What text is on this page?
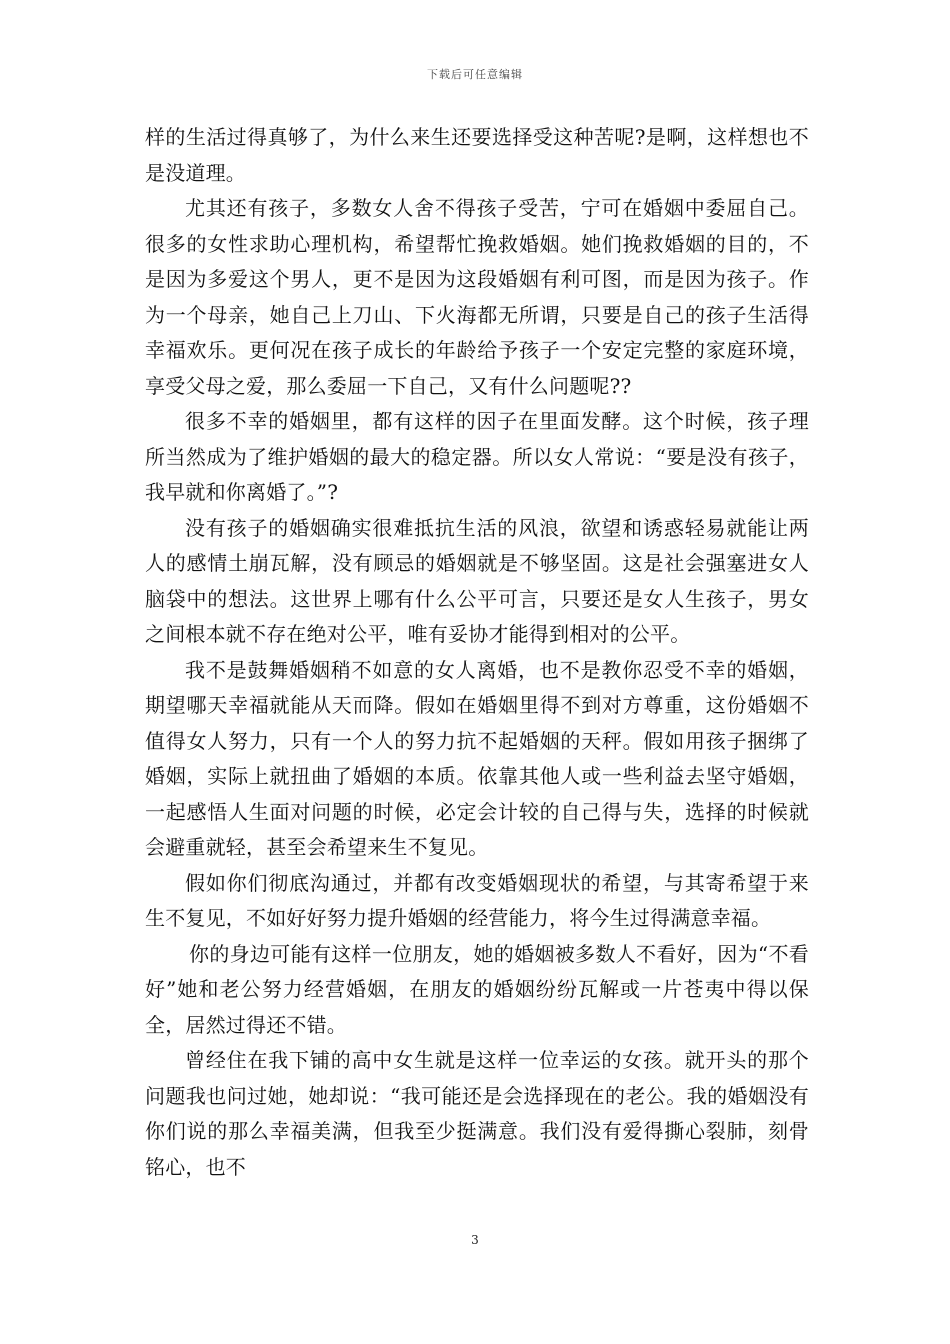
下载后可任意编辑

样的生活过得真够了，为什么来生还要选择受这种苦呢?是啊，这样想也不是没道理。

尤其还有孩子，多数女人舍不得孩子受苦，宁可在婚姻中委屈自己。很多的女性求助心理机构，希望帮忙挽救婚姻。她们挽救婚姻的目的，不是因为多爱这个男人，更不是因为这段婚姻有利可图，而是因为孩子。作为一个母亲，她自己上刀山、下火海都无所谓，只要是自己的孩子生活得幸福欢乐。更何况在孩子成长的年龄给予孩子一个安定完整的家庭环境，享受父母之爱，那么委屈一下自己，又有什么问题呢??

很多不幸的婚姻里，都有这样的因子在里面发酵。这个时候，孩子理所当然成为了维护婚姻的最大的稳定器。所以女人常说：“要是没有孩子，我早就和你离婚了。”?

没有孩子的婚姻确实很难抵抗生活的风浪，欲望和诱惑轻易就能让两人的感情土崩瓦解，没有顾忌的婚姻就是不够坚固。这是社会强塞进女人脑袋中的想法。这世界上哪有什么公平可言，只要还是女人生孩子，男女之间根本就不存在绝对公平，唯有妥协才能得到相对的公平。

我不是鼓舞婚姻稍不如意的女人离婚，也不是教你忍受不幸的婚姻，期望哪天幸福就能从天而降。假如在婚姻里得不到对方尊重，这份婚姻不值得女人努力，只有一个人的努力抗不起婚姻的天秤。假如用孩子捆绑了婚姻，实际上就扭曲了婚姻的本质。依靠其他人或一些利益去坚守婚姻，一起感悟人生面对问题的时候，必定会计较的自己得与失，选择的时候就会避重就轻，甚至会希望来生不复见。

假如你们彻底沟通过，并都有改变婚姻现状的希望，与其寄希望于来生不复见，不如好好努力提升婚姻的经营能力，将今生过得满意幸福。

你的身边可能有这样一位朋友，她的婚姻被多数人不看好，因为“不看好”她和老公努力经营婚姻，在朋友的婚姻纷纷瓦解或一片苍夷中得以保全，居然过得还不错。

曾经住在我下铺的高中女生就是这样一位幸运的女孩。就开头的那个问题我也问过她，她却说：“我可能还是会选择现在的老公。我的婚姻没有你们说的那么幸福美满，但我至少挺满意。我们没有爱得撕心裂肺，刻骨铭心，也不

3
